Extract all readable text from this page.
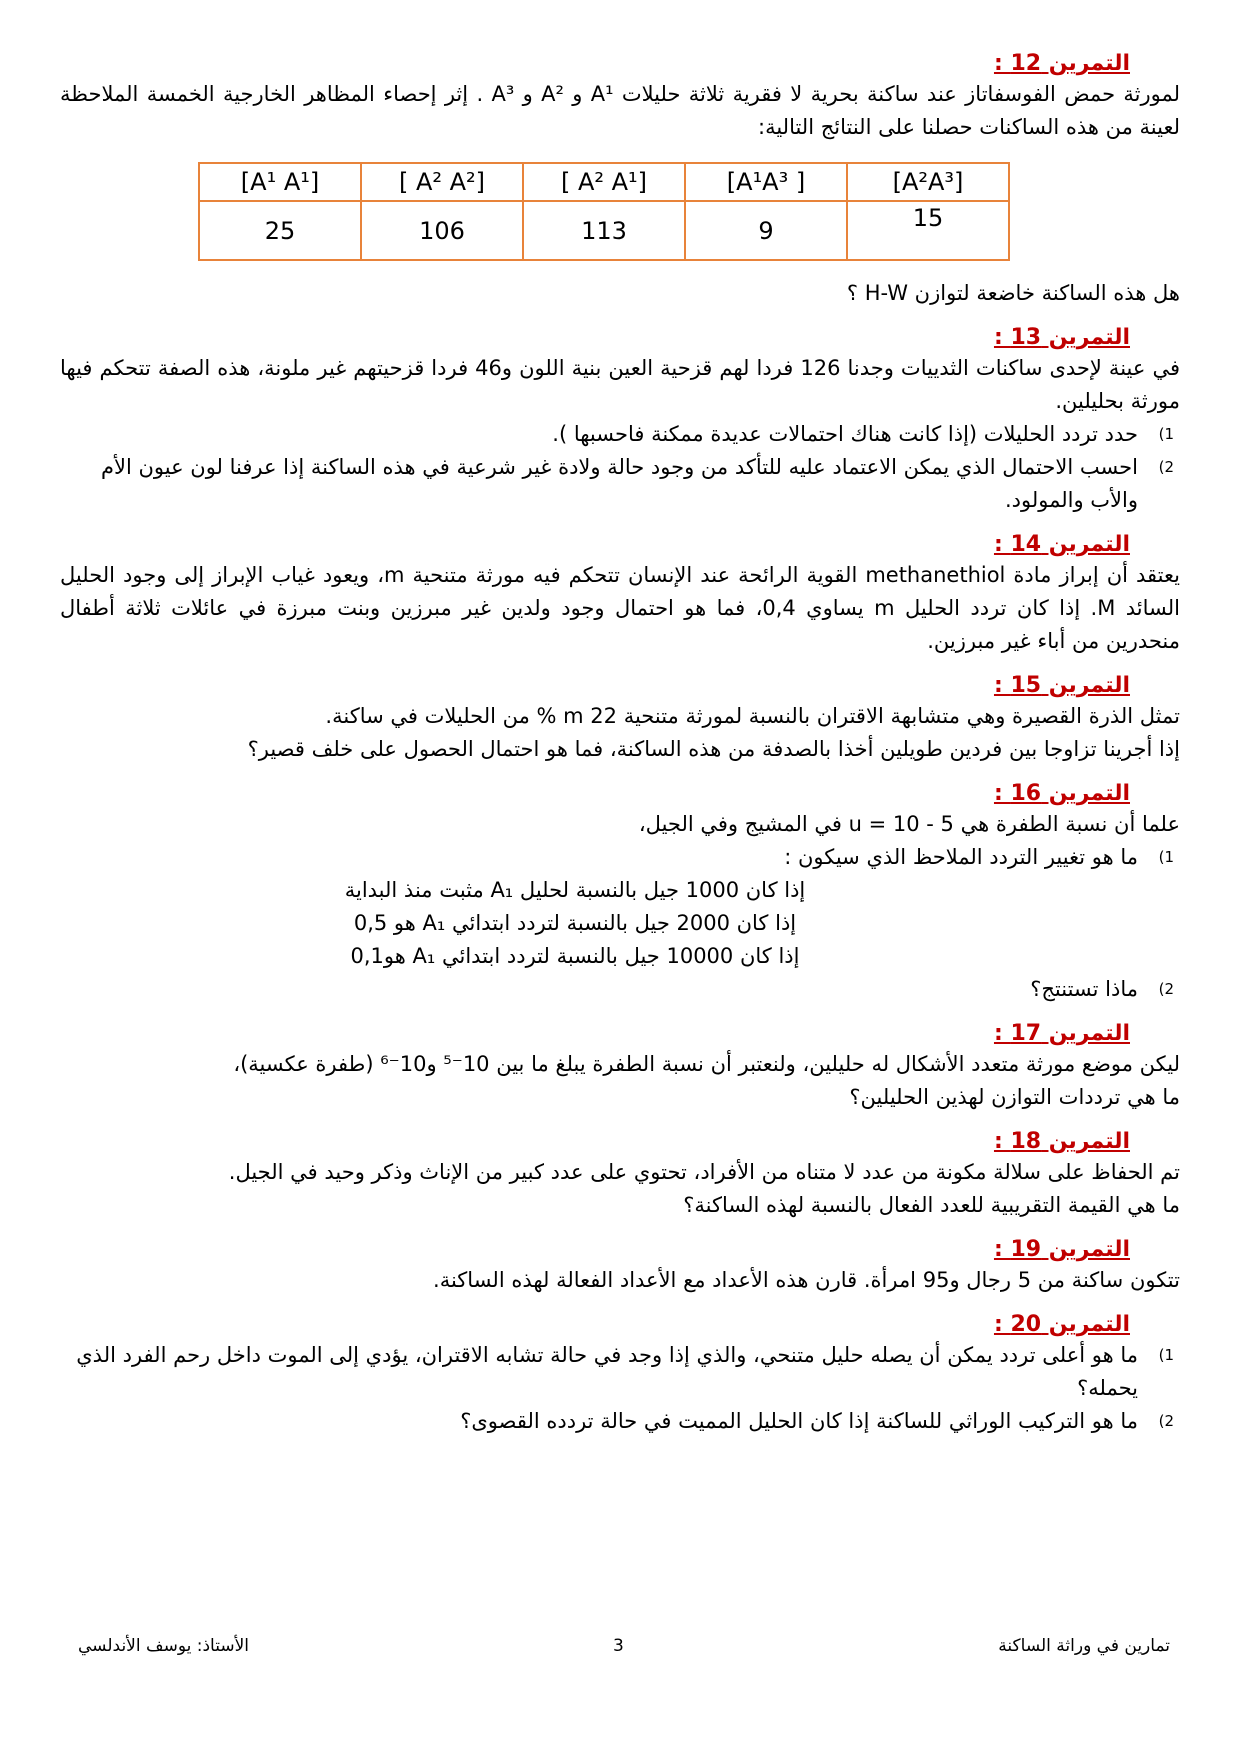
التمرين 12 :

لمورثة حمض الفوسفاتاز عند ساكنة بحرية لا فقرية ثلاثة حليلات A¹ و A² و A³ . إثر إحصاء المظاهر الخارجية الخمسة الملاحظة لعينة من هذه الساكنات حصلنا على النتائج التالية:

[A¹ A¹]	[ A² A²]	[ A² A¹]	[A¹A³ ]	[A²A³]
25	106	113	9	15

هل هذه الساكنة خاضعة لتوازن H-W ؟

التمرين 13 :

في عينة لإحدى ساكنات الثدييات وجدنا 126 فردا لهم قزحية العين بنية اللون و46 فردا قزحيتهم غير ملونة، هذه الصفة تتحكم فيها مورثة بحليلين.

1)
حدد تردد الحليلات (إذا كانت هناك احتمالات عديدة ممكنة فاحسبها ).
2)
احسب الاحتمال الذي يمكن الاعتماد عليه للتأكد من وجود حالة ولادة غير شرعية في هذه الساكنة إذا عرفنا لون عيون الأم والأب والمولود.
التمرين 14 :

يعتقد أن إبراز مادة methanethiol القوية الرائحة عند الإنسان تتحكم فيه مورثة متنحية m، ويعود غياب الإبراز إلى وجود الحليل السائد M. إذا كان تردد الحليل m يساوي 0,4، فما هو احتمال وجود ولدين غير مبرزين وبنت مبرزة في عائلات ثلاثة أطفال منحدرين من أباء غير مبرزين.

التمرين 15 :

تمثل الذرة القصيرة وهي متشابهة الاقتران بالنسبة لمورثة متنحية m 22 % من الحليلات في ساكنة.

إذا أجرينا تزاوجا بين فردين طويلين أخذا بالصدفة من هذه الساكنة، فما هو احتمال الحصول على خلف قصير؟

التمرين 16 :

علما أن نسبة الطفرة هي u = 10 - 5 في المشيج وفي الجيل،

1)
ما هو تغيير التردد الملاحظ الذي سيكون :
إذا كان 1000 جيل بالنسبة لحليل A₁ مثبت منذ البداية
إذا كان 2000 جيل بالنسبة لتردد ابتدائي A₁ هو 0,5
إذا كان 10000 جيل بالنسبة لتردد ابتدائي A₁ هو0,1
2)
ماذا تستنتج؟
التمرين 17 :

ليكن موضع مورثة متعدد الأشكال له حليلين، ولنعتبر أن نسبة الطفرة يبلغ ما بين 10⁻⁵ و10⁻⁶ (طفرة عكسية)،

ما هي ترددات التوازن لهذين الحليلين؟

التمرين 18 :

تم الحفاظ على سلالة مكونة من عدد لا متناه من الأفراد، تحتوي على عدد كبير من الإناث وذكر وحيد في الجيل.

ما هي القيمة التقريبية للعدد الفعال بالنسبة لهذه الساكنة؟

التمرين 19 :

تتكون ساكنة من 5 رجال و95 امرأة. قارن هذه الأعداد مع الأعداد الفعالة لهذه الساكنة.

التمرين 20 :
1)
ما هو أعلى تردد يمكن أن يصله حليل متنحي، والذي إذا وجد في حالة تشابه الاقتران، يؤدي إلى الموت داخل رحم الفرد الذي يحمله؟
2)
ما هو التركيب الوراثي للساكنة إذا كان الحليل المميت في حالة تردده القصوى؟
الأستاذ: يوسف الأندلسي	3	تمارين في وراثة الساكنة
